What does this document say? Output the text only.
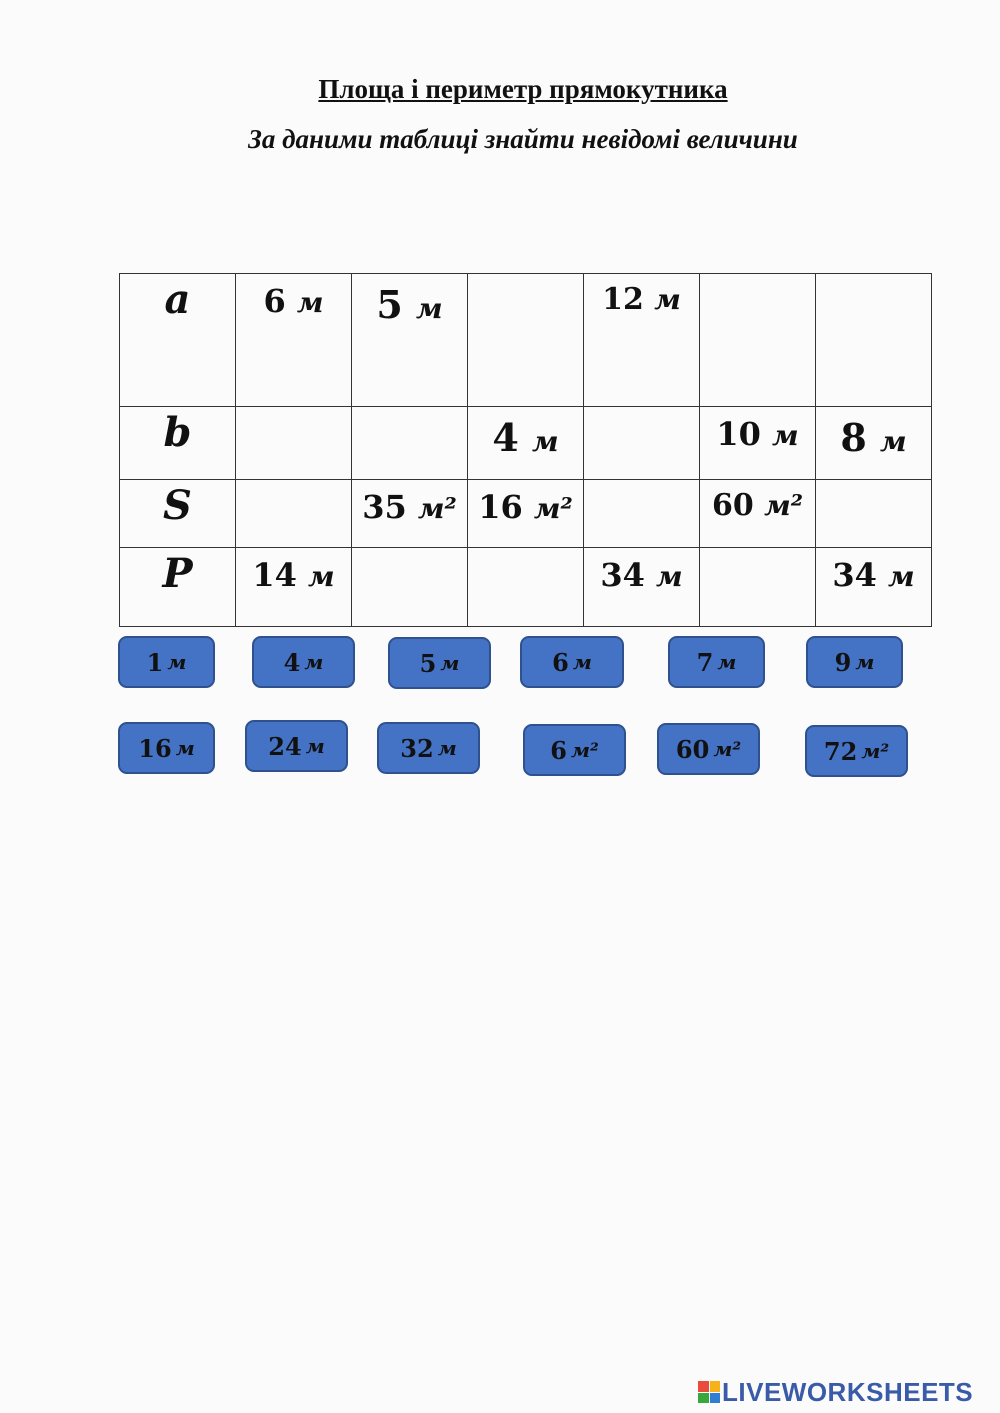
Площа і периметр прямокутника
За даними таблиці знайти невідомі величини
a	6 м	5 м		12 м		
b			4 м		10 м	8 м
S		35 м²	16 м²		60 м²	
P	14 м			34 м		34 м
1 м	4 м	5 м	6 м	7 м	9 м
16 м	24 м	32 м	6 м²	60 м²	72 м²
LIVEWORKSHEETS
